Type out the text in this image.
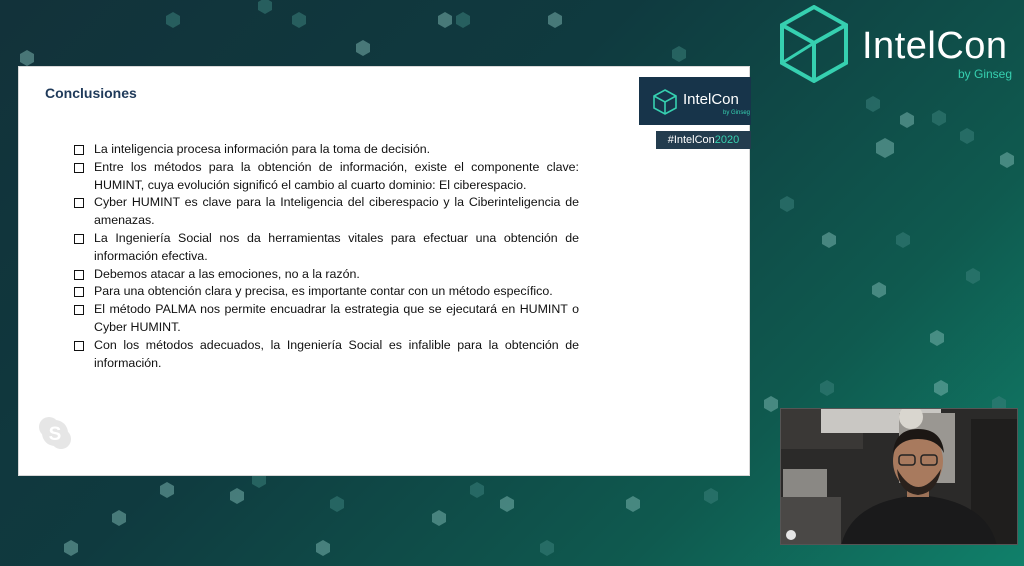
IntelCon
by Ginseg
Conclusiones	IntelCon
by Ginseg
#IntelCon2020
La inteligencia procesa información para la toma de decisión.
Entre los métodos para la obtención de información, existe el componente clave: HUMINT, cuya evolución significó el cambio al cuarto dominio: El ciberespacio.
Cyber HUMINT es clave para la Inteligencia del ciberespacio y la Ciberinteligencia de amenazas.
La Ingeniería Social nos da herramientas vitales para efectuar una obtención de información efectiva.
Debemos atacar a las emociones, no a la razón.
Para una obtención clara y precisa, es importante contar con un método específico.
El método PALMA nos permite encuadrar la estrategia que se ejecutará en HUMINT o Cyber HUMINT.
Con los métodos adecuados, la Ingeniería Social es infalible para la obtención de información.
S
